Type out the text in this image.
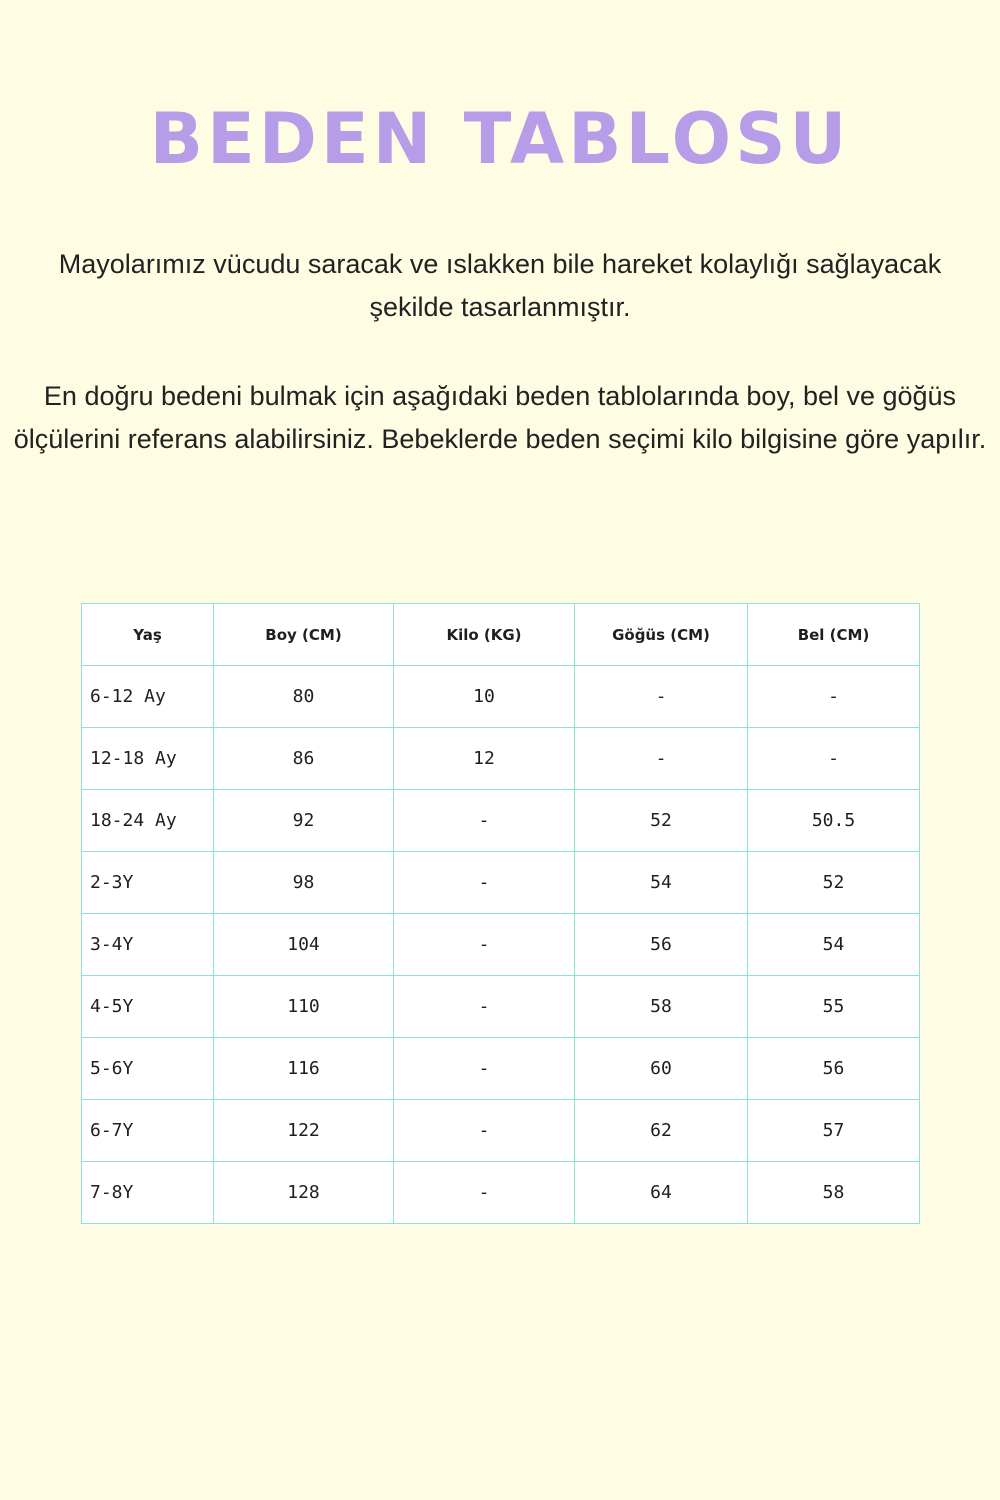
BEDEN TABLOSU

Mayolarımız vücudu saracak ve ıslakken bile hareket kolaylığı sağlayacak
şekilde tasarlanmıştır.

En doğru bedeni bulmak için aşağıdaki beden tablolarında boy, bel ve göğüs
ölçülerini referans alabilirsiniz. Bebeklerde beden seçimi kilo bilgisine göre yapılır.

Yaş	Boy (CM)	Kilo (KG)	Göğüs (CM)	Bel (CM)
6-12 Ay	80	10	-	-
12-18 Ay	86	12	-	-
18-24 Ay	92	-	52	50.5
2-3Y	98	-	54	52
3-4Y	104	-	56	54
4-5Y	110	-	58	55
5-6Y	116	-	60	56
6-7Y	122	-	62	57
7-8Y	128	-	64	58
